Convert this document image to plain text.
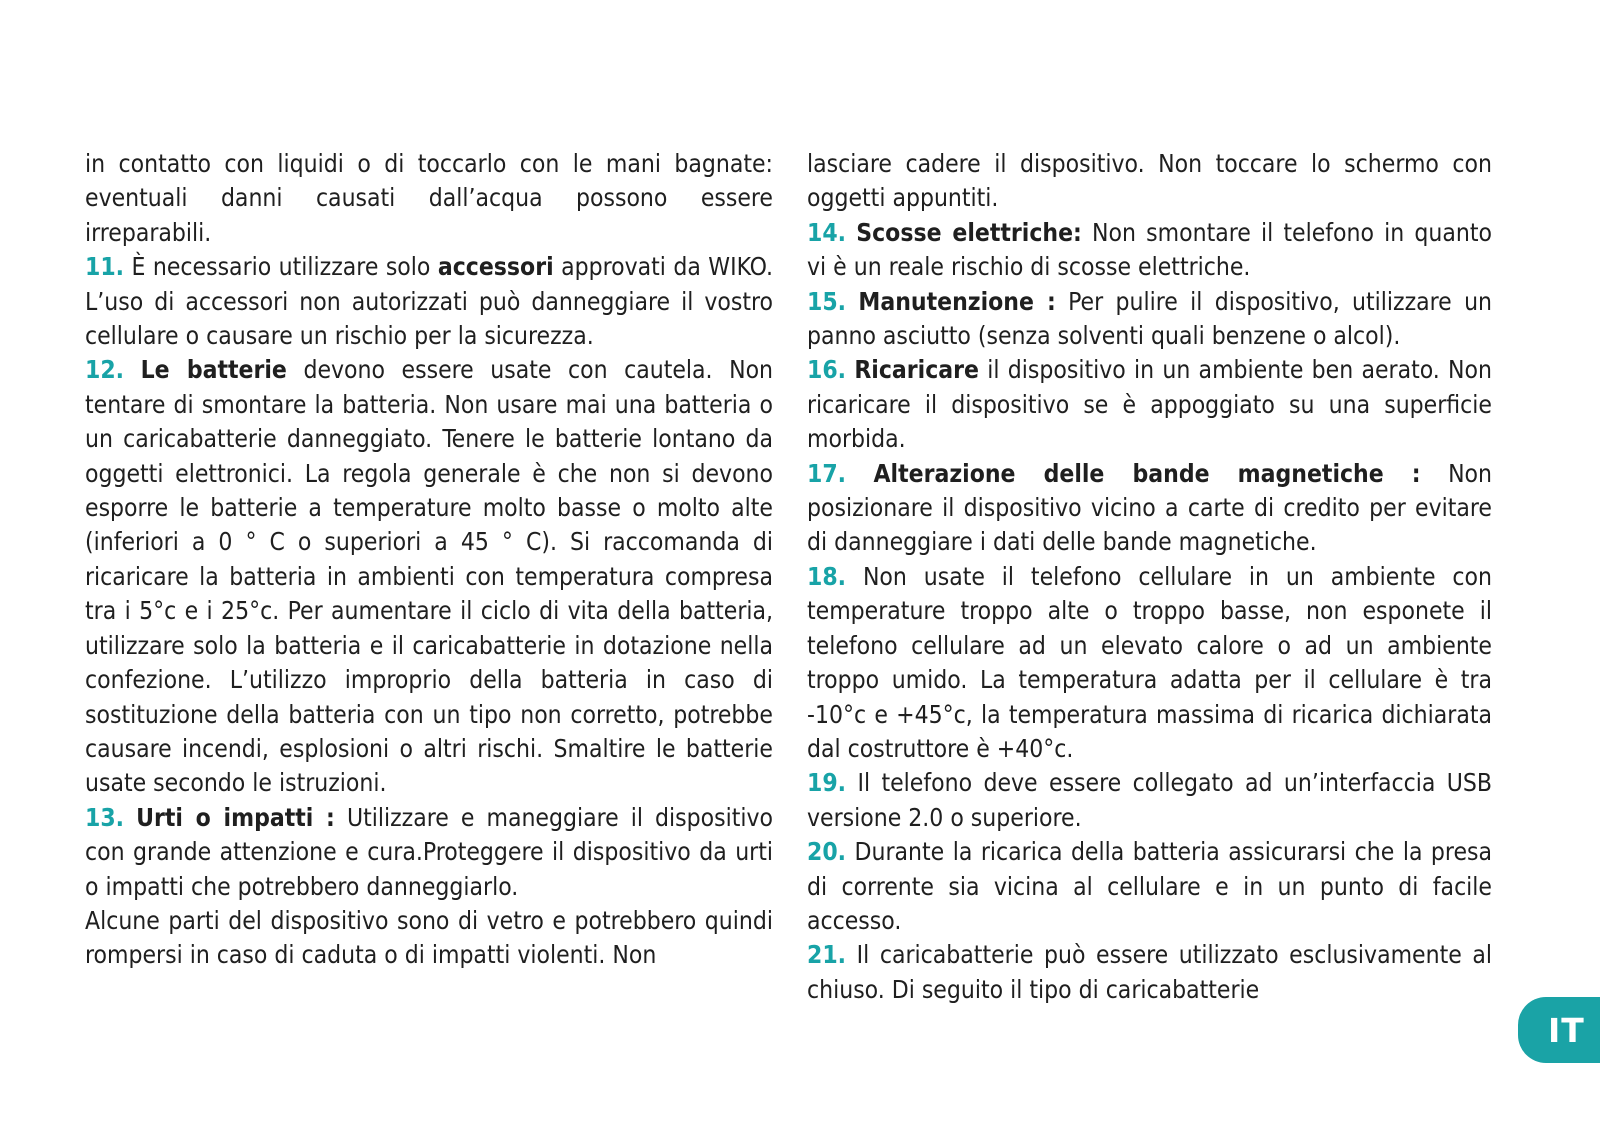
in contatto con liquidi o di toccarlo con le mani bagnate: eventuali danni causati dall’acqua possono essere irreparabili.

11. È necessario utilizzare solo accessori approvati da WIKO. L’uso di accessori non autorizzati può danneggiare il vostro cellulare o causare un rischio per la sicurezza.

12. Le batterie devono essere usate con cautela. Non tentare di smontare la batteria. Non usare mai una batteria o un caricabatterie danneggiato. Tenere le batterie lontano da oggetti elettronici. La regola generale è che non si devono esporre le batterie a temperature molto basse o molto alte (inferiori a 0 ° C o superiori a 45 ° C). Si raccomanda di ricaricare la batteria in ambienti con temperatura compresa tra i 5°c e i 25°c. Per aumentare il ciclo di vita della batteria, utilizzare solo la batteria e il caricabatterie in dotazione nella confezione. L’utilizzo improprio della batteria in caso di sostituzione della batteria con un tipo non corretto, potrebbe causare incendi, esplosioni o altri rischi. Smaltire le batterie usate secondo le istruzioni.

13. Urti o impatti : Utilizzare e maneggiare il dispositivo con grande attenzione e cura.Proteggere il dispositivo da urti o impatti che potrebbero danneggiarlo.

Alcune parti del dispositivo sono di vetro e potrebbero quindi rompersi in caso di caduta o di impatti violenti. Non

lasciare cadere il dispositivo. Non toccare lo schermo con oggetti appuntiti.

14. Scosse elettriche: Non smontare il telefono in quanto vi è un reale rischio di scosse elettriche.

15. Manutenzione : Per pulire il dispositivo, utilizzare un panno asciutto (senza solventi quali benzene o alcol).

16. Ricaricare il dispositivo in un ambiente ben aerato. Non ricaricare il dispositivo se è appoggiato su una superficie morbida.

17. Alterazione delle bande magnetiche : Non posizionare il dispositivo vicino a carte di credito per evitare di danneggiare i dati delle bande magnetiche.

18. Non usate il telefono cellulare in un ambiente con temperature troppo alte o troppo basse, non esponete il telefono cellulare ad un elevato calore o ad un ambiente troppo umido. La temperatura adatta per il cellulare è tra -10°c e +45°c, la temperatura massima di ricarica dichiarata dal costruttore è +40°c.

19. Il telefono deve essere collegato ad un’interfaccia USB versione 2.0 o superiore.

20. Durante la ricarica della batteria assicurarsi che la presa di corrente sia vicina al cellulare e in un punto di facile accesso.

21. Il caricabatterie può essere utilizzato esclusivamente al chiuso. Di seguito il tipo di caricabatterie

IT
